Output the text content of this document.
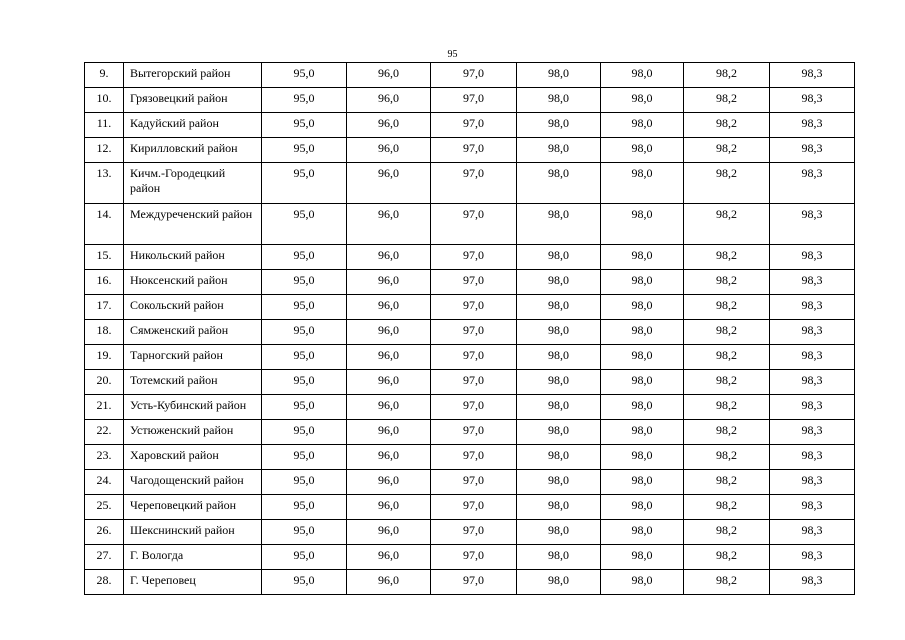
95
9.	Вытегорский район	95,0	96,0	97,0	98,0	98,0	98,2	98,3
10.	Грязовецкий район	95,0	96,0	97,0	98,0	98,0	98,2	98,3
11.	Кадуйский район	95,0	96,0	97,0	98,0	98,0	98,2	98,3
12.	Кирилловский район	95,0	96,0	97,0	98,0	98,0	98,2	98,3
13.	Кичм.-Городецкий район	95,0	96,0	97,0	98,0	98,0	98,2	98,3
14.	Междуреченский район	95,0	96,0	97,0	98,0	98,0	98,2	98,3
15.	Никольский район	95,0	96,0	97,0	98,0	98,0	98,2	98,3
16.	Нюксенский район	95,0	96,0	97,0	98,0	98,0	98,2	98,3
17.	Сокольский район	95,0	96,0	97,0	98,0	98,0	98,2	98,3
18.	Сямженский район	95,0	96,0	97,0	98,0	98,0	98,2	98,3
19.	Тарногский район	95,0	96,0	97,0	98,0	98,0	98,2	98,3
20.	Тотемский район	95,0	96,0	97,0	98,0	98,0	98,2	98,3
21.	Усть-Кубинский район	95,0	96,0	97,0	98,0	98,0	98,2	98,3
22.	Устюженский район	95,0	96,0	97,0	98,0	98,0	98,2	98,3
23.	Харовский район	95,0	96,0	97,0	98,0	98,0	98,2	98,3
24.	Чагодощенский район	95,0	96,0	97,0	98,0	98,0	98,2	98,3
25.	Череповецкий район	95,0	96,0	97,0	98,0	98,0	98,2	98,3
26.	Шекснинский район	95,0	96,0	97,0	98,0	98,0	98,2	98,3
27.	Г. Вологда	95,0	96,0	97,0	98,0	98,0	98,2	98,3
28.	Г. Череповец	95,0	96,0	97,0	98,0	98,0	98,2	98,3
